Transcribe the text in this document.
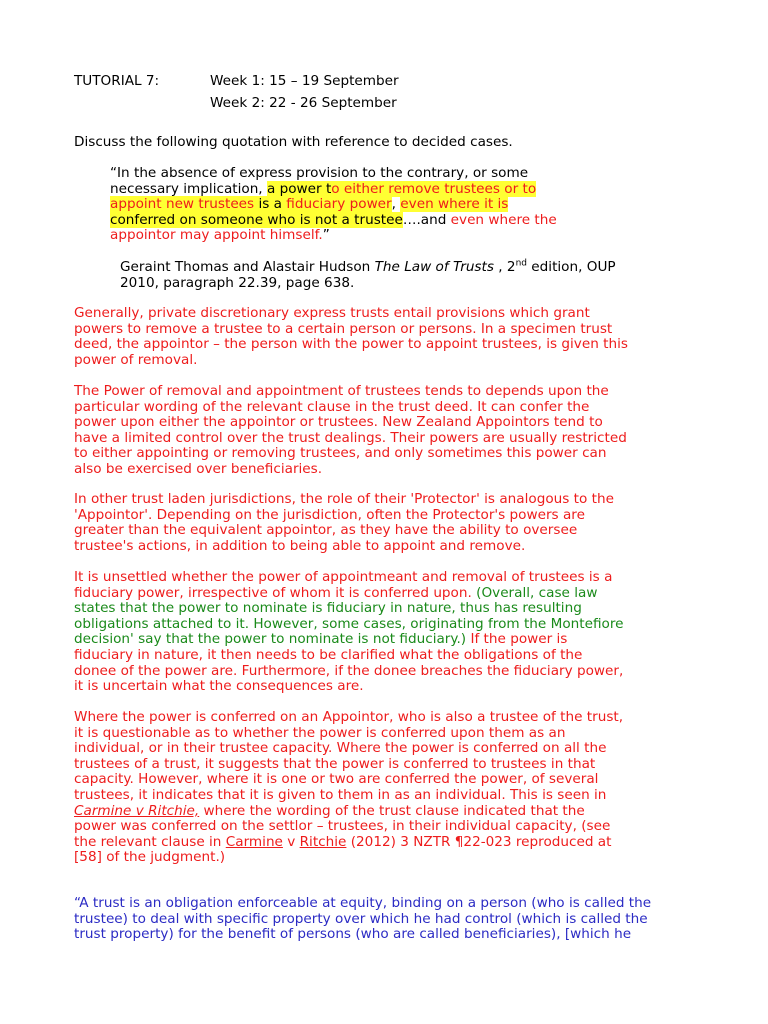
TUTORIAL 7:	Week 1: 15 – 19 September
Week 2: 22 - 26 September
Discuss the following quotation with reference to decided cases.
“In the absence of express provision to the contrary, or some
necessary implication, a power to either remove trustees or to
appoint new trustees is a fiduciary power, even where it is
conferred on someone who is not a trustee….and even where the
appointor may appoint himself.”
Geraint Thomas and Alastair Hudson The Law of Trusts , 2nd edition, OUP
2010, paragraph 22.39, page 638.
Generally, private discretionary express trusts entail provisions which grant
powers to remove a trustee to a certain person or persons. In a specimen trust
deed, the appointor – the person with the power to appoint trustees, is given this
power of removal.
The Power of removal and appointment of trustees tends to depends upon the
particular wording of the relevant clause in the trust deed. It can confer the
power upon either the appointor or trustees. New Zealand Appointors tend to
have a limited control over the trust dealings. Their powers are usually restricted
to either appointing or removing trustees, and only sometimes this power can
also be exercised over beneficiaries.
In other trust laden jurisdictions, the role of their 'Protector' is analogous to the
'Appointor'. Depending on the jurisdiction, often the Protector's powers are
greater than the equivalent appointor, as they have the ability to oversee
trustee's actions, in addition to being able to appoint and remove.
It is unsettled whether the power of appointmeant and removal of trustees is a
fiduciary power, irrespective of whom it is conferred upon. (Overall, case law
states that the power to nominate is fiduciary in nature, thus has resulting
obligations attached to it. However, some cases, originating from the Montefiore
decision' say that the power to nominate is not fiduciary.) If the power is
fiduciary in nature, it then needs to be clarified what the obligations of the
donee of the power are. Furthermore, if the donee breaches the fiduciary power,
it is uncertain what the consequences are.
Where the power is conferred on an Appointor, who is also a trustee of the trust,
it is questionable as to whether the power is conferred upon them as an
individual, or in their trustee capacity. Where the power is conferred on all the
trustees of a trust, it suggests that the power is conferred to trustees in that
capacity. However, where it is one or two are conferred the power, of several
trustees, it indicates that it is given to them in as an individual. This is seen in
Carmine v Ritchie, where the wording of the trust clause indicated that the
power was conferred on the settlor – trustees, in their individual capacity, (see
the relevant clause in Carmine v Ritchie (2012) 3 NZTR ¶22-023 reproduced at
[58] of the judgment.)
“A trust is an obligation enforceable at equity, binding on a person (who is called the
trustee) to deal with specific property over which he had control (which is called the
trust property) for the benefit of persons (who are called beneficiaries), [which he
